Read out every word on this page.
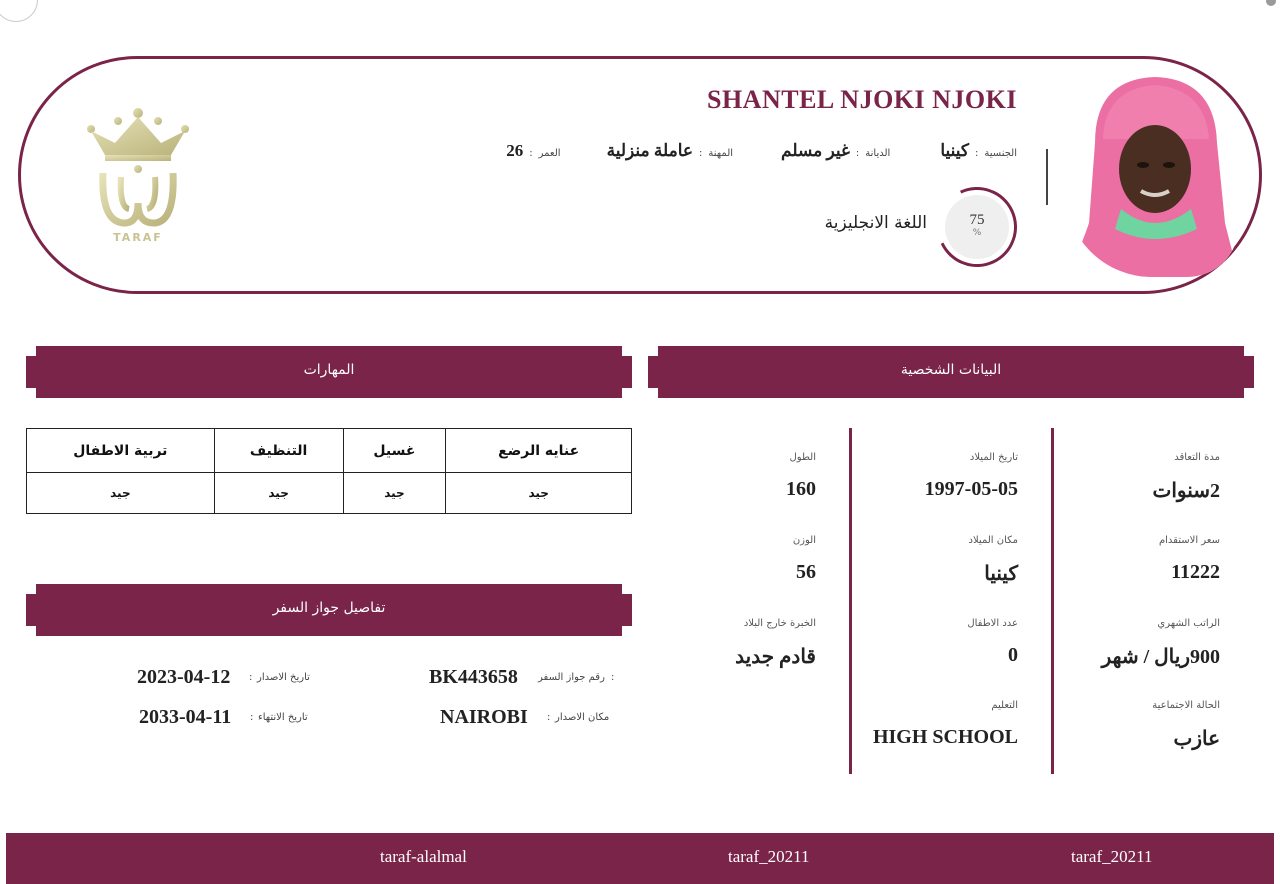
TARAF
SHANTEL NJOKI NJOKI
الجنسية
:
كينيا
الديانة
:
غير مسلم
المهنة
:
عاملة منزلية
العمر
:
26
75
%
اللغة الانجليزية
المهارات	البيانات الشخصية
عنايه الرضع	غسيل	التنظيف	تربية الاطفال
جيد	جيد	جيد	جيد
تفاصيل جواز السفر
رقم جواز السفر :
BK443658
تاريخ الاصدار
:
2023-04-12
مكان الاصدار
:
NAIROBI
تاريخ الانتهاء
:
2033-04-11
مدة التعاقد
2سنوات
سعر الاستقدام
11222
الراتب الشهري
900ريال / شهر
الحالة الاجتماعية
عازب
تاريخ الميلاد
1997-05-05
مكان الميلاد
كينيا
عدد الاطفال
0
التعليم
HIGH SCHOOL
الطول
160
الوزن
56
الخبرة خارج البلاد
قادم جديد
taraf-alalmal	taraf_20211	taraf_20211
